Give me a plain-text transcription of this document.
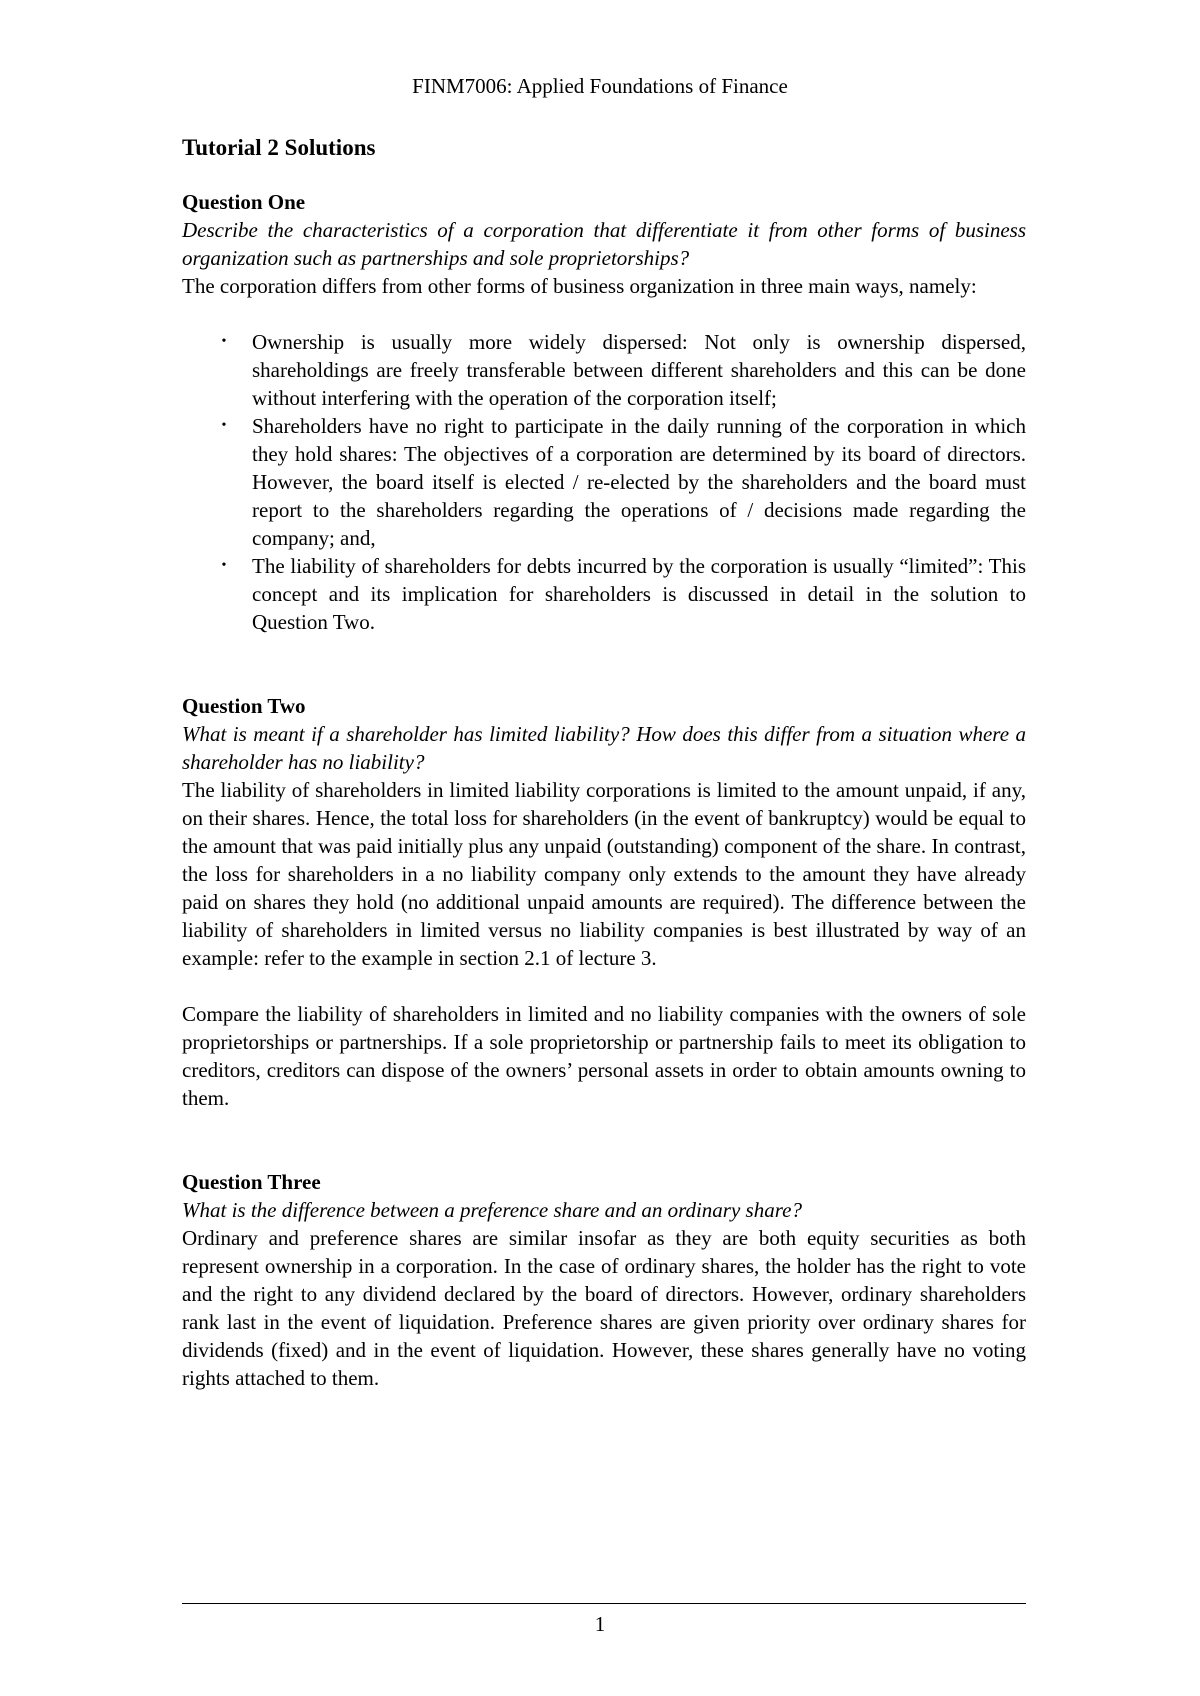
FINM7006: Applied Foundations of Finance
Tutorial 2 Solutions

Question One

Describe the characteristics of a corporation that differentiate it from other forms of business organization such as partnerships and sole proprietorships?

The corporation differs from other forms of business organization in three main ways, namely:

• Ownership is usually more widely dispersed: Not only is ownership dispersed, shareholdings are freely transferable between different shareholders and this can be done without interfering with the operation of the corporation itself;
• Shareholders have no right to participate in the daily running of the corporation in which they hold shares: The objectives of a corporation are determined by its board of directors. However, the board itself is elected / re-elected by the shareholders and the board must report to the shareholders regarding the operations of / decisions made regarding the company; and,
• The liability of shareholders for debts incurred by the corporation is usually “limited”: This concept and its implication for shareholders is discussed in detail in the solution to Question Two.

Question Two

What is meant if a shareholder has limited liability? How does this differ from a situation where a shareholder has no liability?

The liability of shareholders in limited liability corporations is limited to the amount unpaid, if any, on their shares. Hence, the total loss for shareholders (in the event of bankruptcy) would be equal to the amount that was paid initially plus any unpaid (outstanding) component of the share. In contrast, the loss for shareholders in a no liability company only extends to the amount they have already paid on shares they hold (no additional unpaid amounts are required). The difference between the liability of shareholders in limited versus no liability companies is best illustrated by way of an example: refer to the example in section 2.1 of lecture 3.

Compare the liability of shareholders in limited and no liability companies with the owners of sole proprietorships or partnerships. If a sole proprietorship or partnership fails to meet its obligation to creditors, creditors can dispose of the owners’ personal assets in order to obtain amounts owning to them.

Question Three

What is the difference between a preference share and an ordinary share?

Ordinary and preference shares are similar insofar as they are both equity securities as both represent ownership in a corporation. In the case of ordinary shares, the holder has the right to vote and the right to any dividend declared by the board of directors. However, ordinary shareholders rank last in the event of liquidation. Preference shares are given priority over ordinary shares for dividends (fixed) and in the event of liquidation. However, these shares generally have no voting rights attached to them.

1
